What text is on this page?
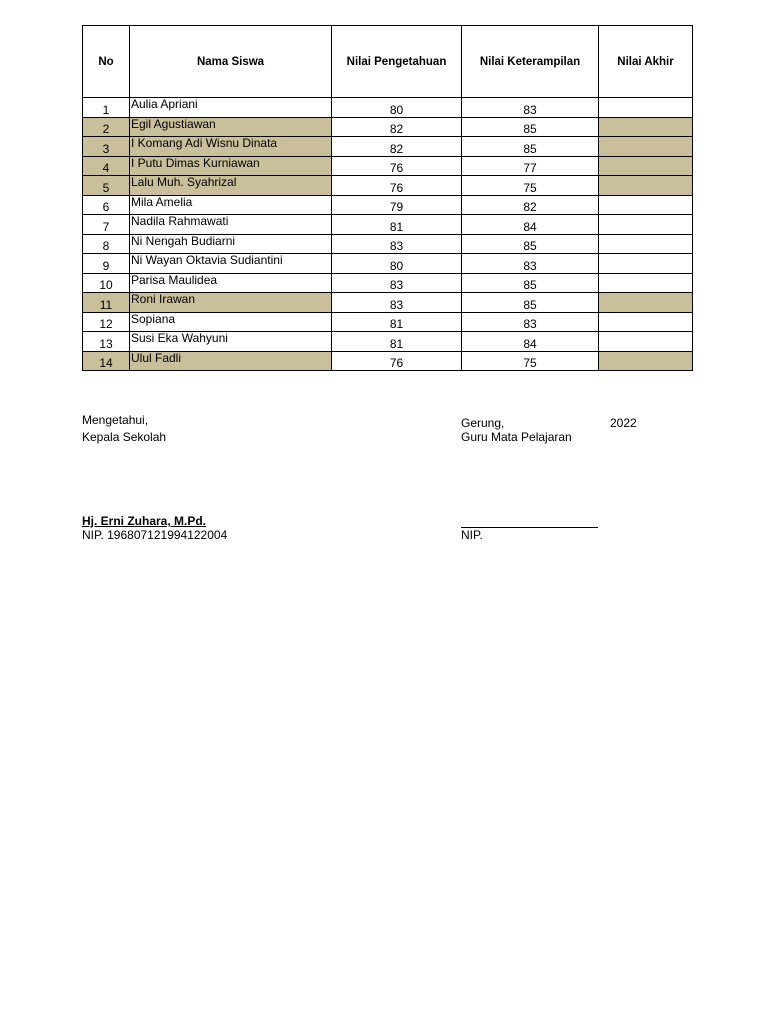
No	Nama Siswa	Nilai Pengetahuan	Nilai Keterampilan	Nilai Akhir
1	Aulia Apriani	80	83	
2	Egil Agustiawan	82	85	
3	I Komang Adi Wisnu Dinata	82	85	
4	I Putu Dimas Kurniawan	76	77	
5	Lalu Muh. Syahrizal	76	75	
6	Mila Amelia	79	82	
7	Nadila Rahmawati	81	84	
8	Ni Nengah Budiarni	83	85	
9	Ni Wayan Oktavia Sudiantini	80	83	
10	Parisa Maulidea	83	85	
11	Roni Irawan	83	85	
12	Sopiana	81	83	
13	Susi Eka Wahyuni	81	84	
14	Ulul Fadli	76	75	
Mengetahui,
Kepala Sekolah
Hj. Erni Zuhara, M.Pd.
NIP. 196807121994122004
Gerung,	2022
Guru Mata Pelajaran
NIP.
